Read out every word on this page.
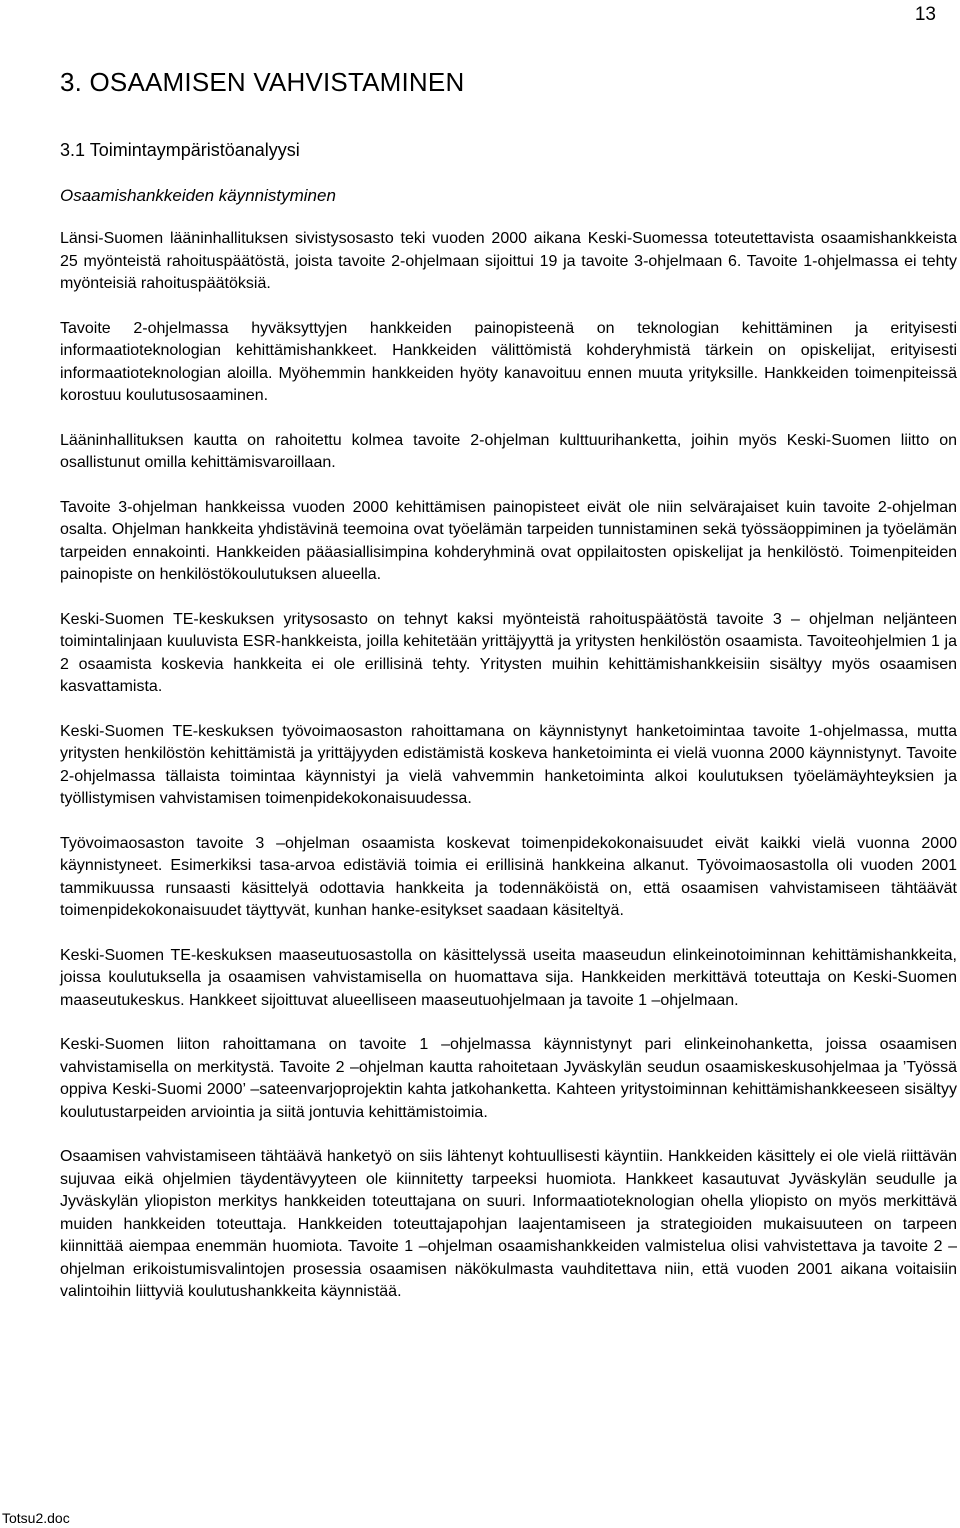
13

3. OSAAMISEN VAHVISTAMINEN
3.1 Toimintaympäristöanalyysi
Osaamishankkeiden käynnistyminen

Länsi-Suomen lääninhallituksen sivistysosasto teki vuoden 2000 aikana Keski-Suomessa toteutettavista osaamishankkeista 25 myönteistä rahoituspäätöstä, joista tavoite 2-ohjelmaan sijoittui 19 ja tavoite 3-ohjelmaan 6. Tavoite 1-ohjelmassa ei tehty myönteisiä rahoituspäätöksiä.

Tavoite 2-ohjelmassa hyväksyttyjen hankkeiden painopisteenä on teknologian kehittäminen ja erityisesti informaatioteknologian kehittämishankkeet. Hankkeiden välittömistä kohderyhmistä tärkein on opiskelijat, erityisesti informaatioteknologian aloilla. Myöhemmin hankkeiden hyöty kanavoituu ennen muuta yrityksille. Hankkeiden toimenpiteissä korostuu koulutusosaaminen.

Lääninhallituksen kautta on rahoitettu kolmea tavoite 2-ohjelman kulttuurihanketta, joihin myös Keski-Suomen liitto on osallistunut omilla kehittämisvaroillaan.

Tavoite 3-ohjelman hankkeissa vuoden 2000 kehittämisen painopisteet eivät ole niin selvärajaiset kuin tavoite 2-ohjelman osalta. Ohjelman hankkeita yhdistävinä teemoina ovat työelämän tarpeiden tunnistaminen sekä työssäoppiminen ja työelämän tarpeiden ennakointi. Hankkeiden pääasiallisimpina kohderyhminä ovat oppilaitosten opiskelijat ja henkilöstö. Toimenpiteiden painopiste on henkilöstökoulutuksen alueella.

Keski-Suomen TE-keskuksen yritysosasto on tehnyt kaksi myönteistä rahoituspäätöstä tavoite 3 – ohjelman neljänteen toimintalinjaan kuuluvista ESR-hankkeista, joilla kehitetään yrittäjyyttä ja yritysten henkilöstön osaamista. Tavoiteohjelmien 1 ja 2 osaamista koskevia hankkeita ei ole erillisinä tehty. Yritysten muihin kehittämishankkeisiin sisältyy myös osaamisen kasvattamista.

Keski-Suomen TE-keskuksen työvoimaosaston rahoittamana on käynnistynyt hanketoimintaa tavoite 1-ohjelmassa, mutta yritysten henkilöstön kehittämistä ja yrittäjyyden edistämistä koskeva hanketoiminta ei vielä vuonna 2000 käynnistynyt. Tavoite 2-ohjelmassa tällaista toimintaa käynnistyi ja vielä vahvemmin hanketoiminta alkoi koulutuksen työelämäyhteyksien ja työllistymisen vahvistamisen toimenpidekokonaisuudessa.

Työvoimaosaston tavoite 3 –ohjelman osaamista koskevat toimenpidekokonaisuudet eivät kaikki vielä vuonna 2000 käynnistyneet. Esimerkiksi tasa-arvoa edistäviä toimia ei erillisinä hankkeina alkanut. Työvoimaosastolla oli vuoden 2001 tammikuussa runsaasti käsittelyä odottavia hankkeita ja todennäköistä on, että osaamisen vahvistamiseen tähtäävät toimenpidekokonaisuudet täyttyvät, kunhan hanke-esitykset saadaan käsiteltyä.

Keski-Suomen TE-keskuksen maaseutuosastolla on käsittelyssä useita maaseudun elinkeinotoiminnan kehittämishankkeita, joissa koulutuksella ja osaamisen vahvistamisella on huomattava sija. Hankkeiden merkittävä toteuttaja on Keski-Suomen maaseutukeskus. Hankkeet sijoittuvat alueelliseen maaseutuohjelmaan ja tavoite 1 –ohjelmaan.

Keski-Suomen liiton rahoittamana on tavoite 1 –ohjelmassa käynnistynyt pari elinkeinohanketta, joissa osaamisen vahvistamisella on merkitystä. Tavoite 2 –ohjelman kautta rahoitetaan Jyväskylän seudun osaamiskeskusohjelmaa ja ’Työssä oppiva Keski-Suomi 2000’ –sateenvarjoprojektin kahta jatkohanketta. Kahteen yritystoiminnan kehittämishankkeeseen sisältyy koulutustarpeiden arviointia ja siitä jontuvia kehittämistoimia.

Osaamisen vahvistamiseen tähtäävä hanketyö on siis lähtenyt kohtuullisesti käyntiin. Hankkeiden käsittely ei ole vielä riittävän sujuvaa eikä ohjelmien täydentävyyteen ole kiinnitetty tarpeeksi huomiota. Hankkeet kasautuvat Jyväskylän seudulle ja Jyväskylän yliopiston merkitys hankkeiden toteuttajana on suuri. Informaatioteknologian ohella yliopisto on myös merkittävä muiden hankkeiden toteuttaja. Hankkeiden toteuttajapohjan laajentamiseen ja strategioiden mukaisuuteen on tarpeen kiinnittää aiempaa enemmän huomiota. Tavoite 1 –ohjelman osaamishankkeiden valmistelua olisi vahvistettava ja tavoite 2 –ohjelman erikoistumisvalintojen prosessia osaamisen näkökulmasta vauhditettava niin, että vuoden 2001 aikana voitaisiin valintoihin liittyviä koulutushankkeita käynnistää.

Totsu2.doc
